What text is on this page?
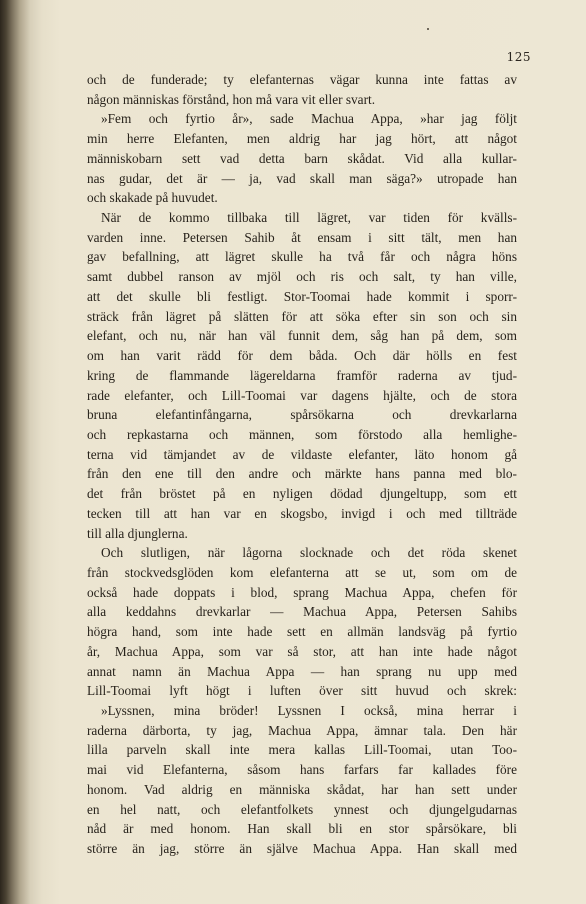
125
och de funderade; ty elefanternas vägar kunna inte fattas av
någon människas förstånd, hon må vara vit eller svart.
»Fem och fyrtio år», sade Machua Appa, »har jag följt
min herre Elefanten, men aldrig har jag hört, att något
människobarn sett vad detta barn skådat. Vid alla kullar-
nas gudar, det är — ja, vad skall man säga?» utropade han
och skakade på huvudet.
När de kommo tillbaka till lägret, var tiden för kvälls-
varden inne. Petersen Sahib åt ensam i sitt tält, men han
gav befallning, att lägret skulle ha två får och några höns
samt dubbel ranson av mjöl och ris och salt, ty han ville,
att det skulle bli festligt. Stor-Toomai hade kommit i sporr-
sträck från lägret på slätten för att söka efter sin son och sin
elefant, och nu, när han väl funnit dem, såg han på dem, som
om han varit rädd för dem båda. Och där hölls en fest
kring de flammande lägereldarna framför raderna av tjud-
rade elefanter, och Lill-Toomai var dagens hjälte, och de stora
bruna elefantinfångarna, spårsökarna och drevkarlarna
och repkastarna och männen, som förstodo alla hemlighe-
terna vid tämjandet av de vildaste elefanter, läto honom gå
från den ene till den andre och märkte hans panna med blo-
det från bröstet på en nyligen dödad djungeltupp, som ett
tecken till att han var en skogsbo, invigd i och med tillträde
till alla djunglerna.
Och slutligen, när lågorna slocknade och det röda skenet
från stockvedsglöden kom elefanterna att se ut, som om de
också hade doppats i blod, sprang Machua Appa, chefen för
alla keddahns drevkarlar — Machua Appa, Petersen Sahibs
högra hand, som inte hade sett en allmän landsväg på fyrtio
år, Machua Appa, som var så stor, att han inte hade något
annat namn än Machua Appa — han sprang nu upp med
Lill-Toomai lyft högt i luften över sitt huvud och skrek:
»Lyssnen, mina bröder! Lyssnen I också, mina herrar i
raderna därborta, ty jag, Machua Appa, ämnar tala. Den här
lilla parveln skall inte mera kallas Lill-Toomai, utan Too-
mai vid Elefanterna, såsom hans farfars far kallades före
honom. Vad aldrig en människa skådat, har han sett under
en hel natt, och elefantfolkets ynnest och djungelgudarnas
nåd är med honom. Han skall bli en stor spårsökare, bli
större än jag, större än själve Machua Appa. Han skall med
